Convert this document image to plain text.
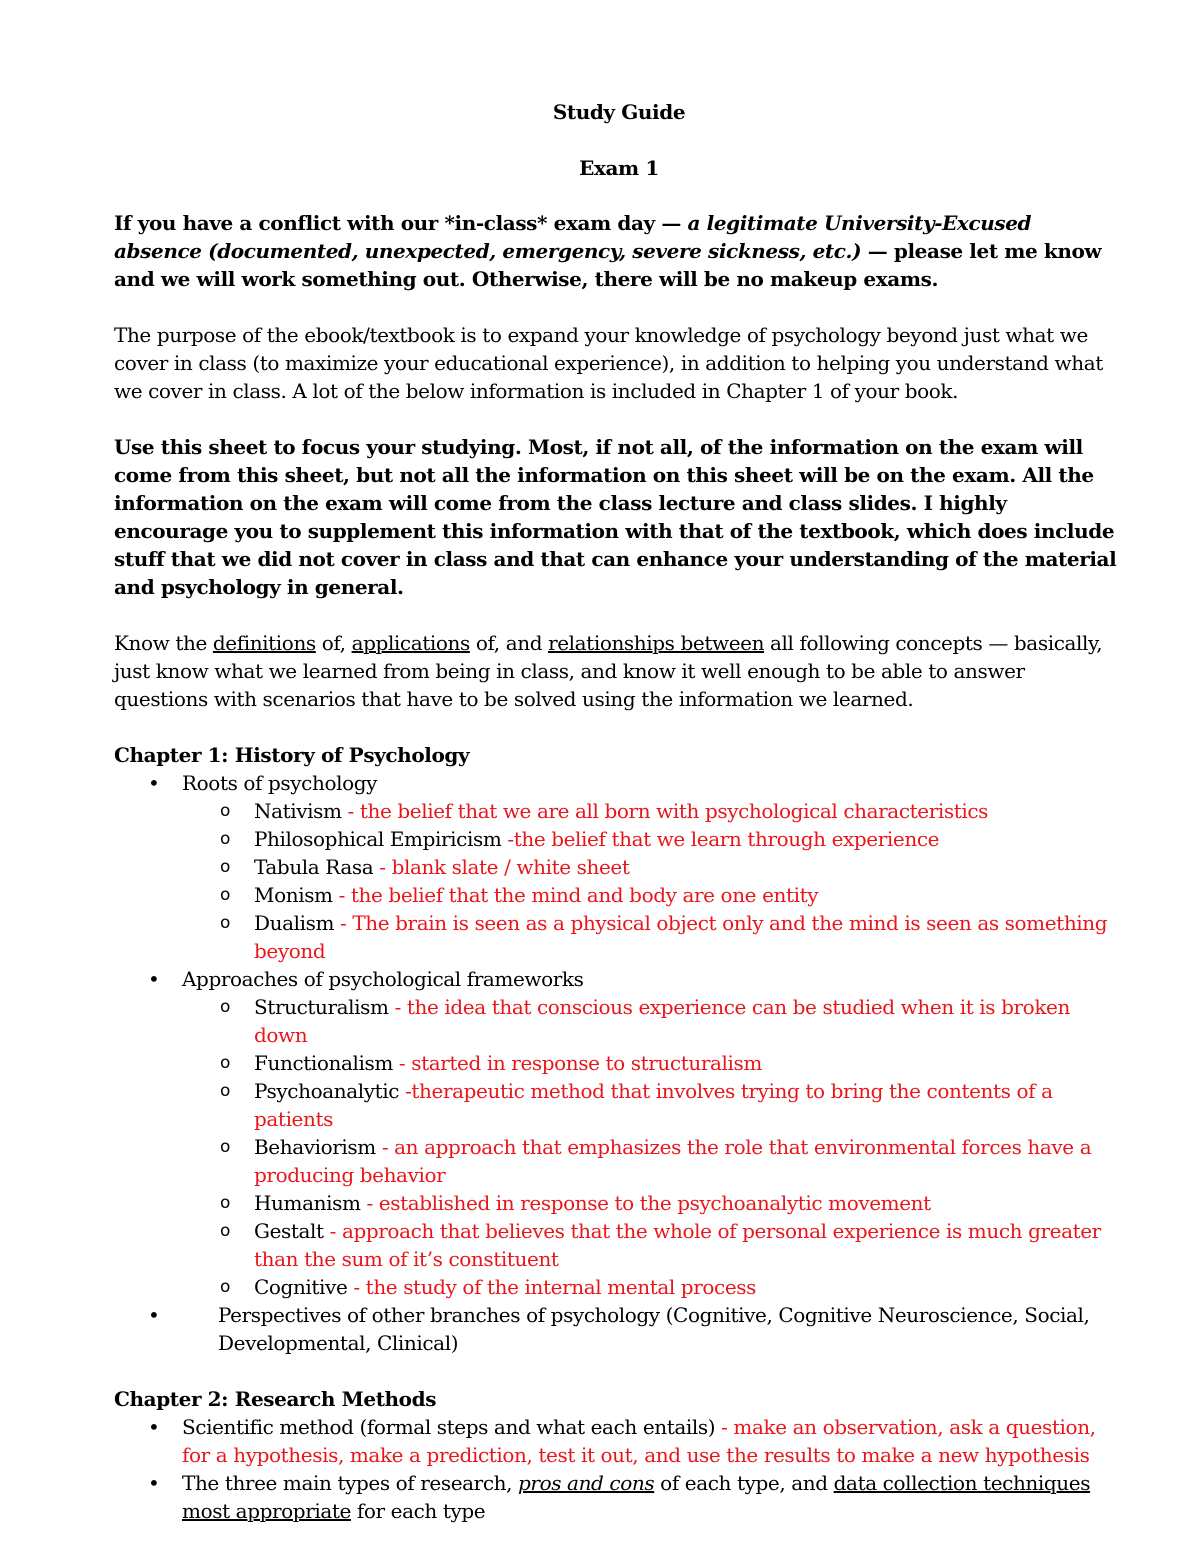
Study Guide

Exam 1

If you have a conflict with our *in-class* exam day — a legitimate University-Excused absence (documented, unexpected, emergency, severe sickness, etc.) — please let me know and we will work something out. Otherwise, there will be no makeup exams.

The purpose of the ebook/textbook is to expand your knowledge of psychology beyond just what we cover in class (to maximize your educational experience), in addition to helping you understand what we cover in class. A lot of the below information is included in Chapter 1 of your book.

Use this sheet to focus your studying. Most, if not all, of the information on the exam will come from this sheet, but not all the information on this sheet will be on the exam. All the information on the exam will come from the class lecture and class slides. I highly encourage you to supplement this information with that of the textbook, which does include stuff that we did not cover in class and that can enhance your understanding of the material and psychology in general.

Know the definitions of, applications of, and relationships between all following concepts — basically, just know what we learned from being in class, and know it well enough to be able to answer questions with scenarios that have to be solved using the information we learned.

Chapter 1: History of Psychology

• Roots of psychology
o Nativism - the belief that we are all born with psychological characteristics
o Philosophical Empiricism -the belief that we learn through experience
o Tabula Rasa - blank slate / white sheet
o Monism - the belief that the mind and body are one entity
o Dualism - The brain is seen as a physical object only and the mind is seen as something beyond
• Approaches of psychological frameworks
o Structuralism - the idea that conscious experience can be studied when it is broken down
o Functionalism - started in response to structuralism
o Psychoanalytic -therapeutic method that involves trying to bring the contents of a patients
o Behaviorism - an approach that emphasizes the role that environmental forces have a producing behavior
o Humanism - established in response to the psychoanalytic movement
o Gestalt - approach that believes that the whole of personal experience is much greater than the sum of it’s constituent
o Cognitive - the study of the internal mental process
•	Perspectives of other branches of psychology (Cognitive, Cognitive Neuroscience, Social, Developmental, Clinical)

Chapter 2: Research Methods

• Scientific method (formal steps and what each entails) - make an observation, ask a question, for a hypothesis, make a prediction, test it out, and use the results to make a new hypothesis
• The three main types of research, pros and cons of each type, and data collection techniques most appropriate for each type
